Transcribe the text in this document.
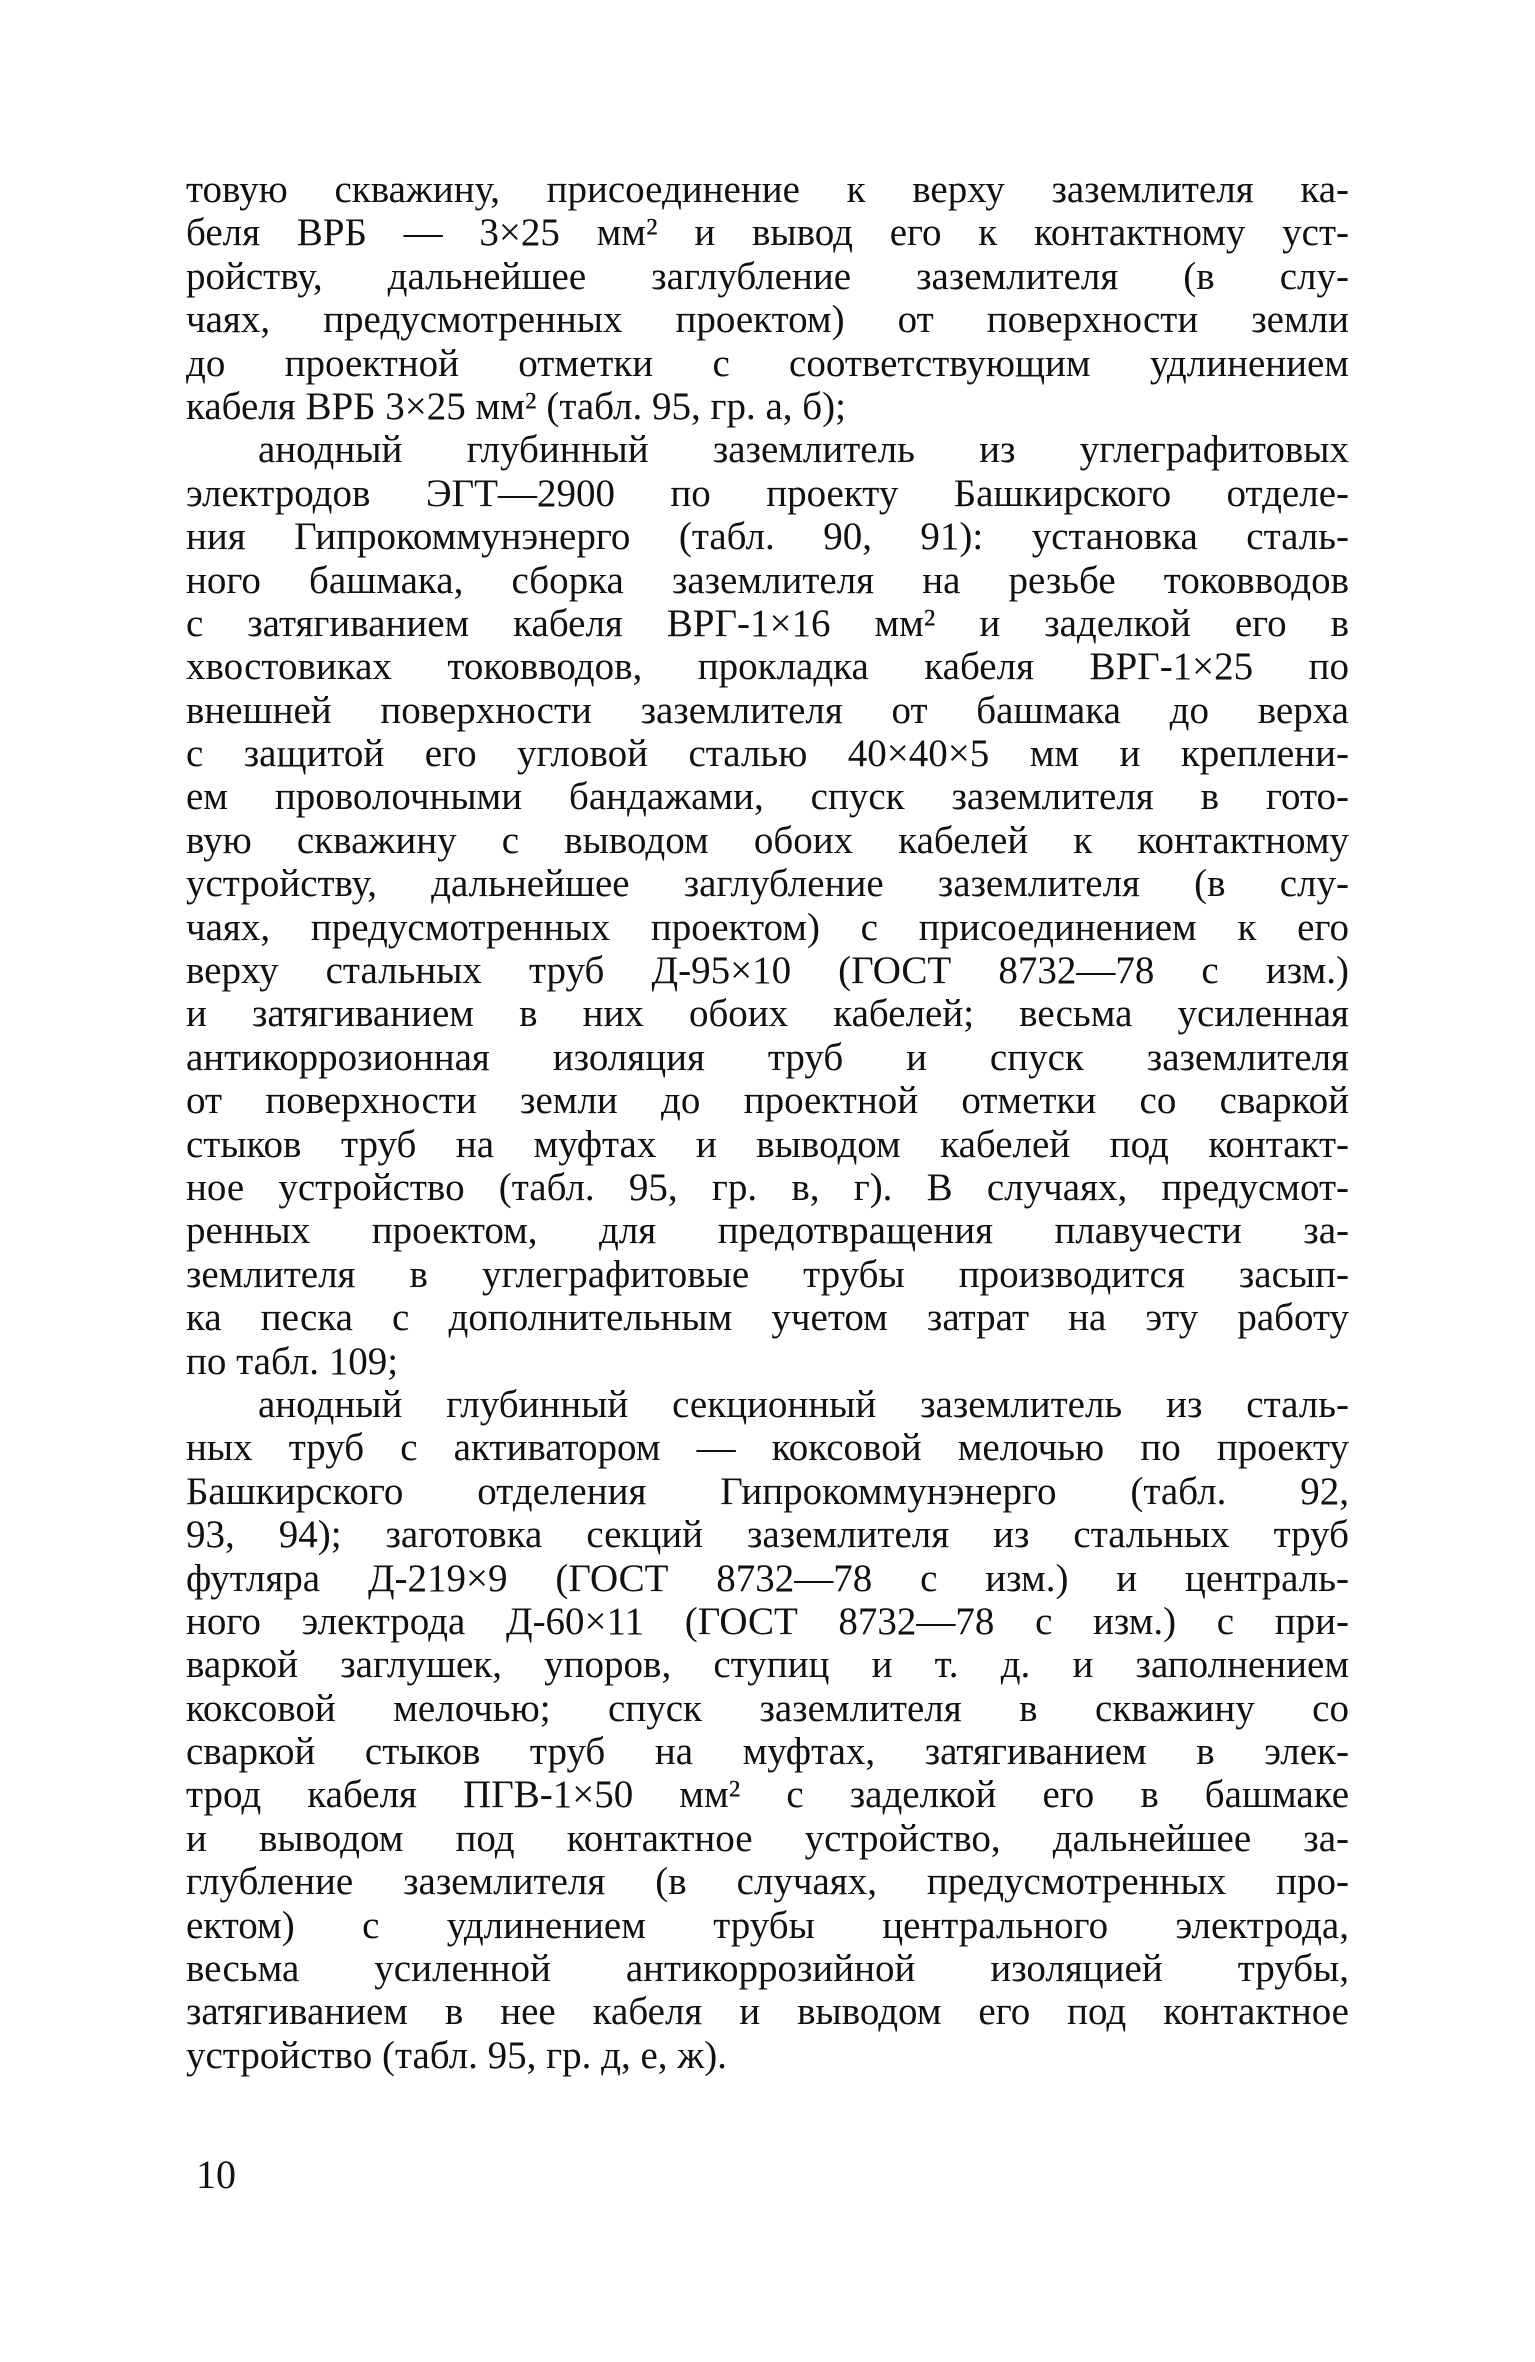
товую скважину, присоединение к верху заземлителя ка-
беля ВРБ — 3×25 мм² и вывод его к контактному уст-
ройству, дальнейшее заглубление заземлителя (в слу-
чаях, предусмотренных проектом) от поверхности земли
до проектной отметки с соответствующим удлинением
кабеля ВРБ 3×25 мм² (табл. 95, гр. а, б);
анодный глубинный заземлитель из углеграфитовых
электродов ЭГТ—2900 по проекту Башкирского отделе-
ния Гипрокоммунэнерго (табл. 90, 91): установка сталь-
ного башмака, сборка заземлителя на резьбе токовводов
с затягиванием кабеля ВРГ-1×16 мм² и заделкой его в
хвостовиках токовводов, прокладка кабеля ВРГ-1×25 по
внешней поверхности заземлителя от башмака до верха
с защитой его угловой сталью 40×40×5 мм и креплени-
ем проволочными бандажами, спуск заземлителя в гото-
вую скважину с выводом обоих кабелей к контактному
устройству, дальнейшее заглубление заземлителя (в слу-
чаях, предусмотренных проектом) с присоединением к его
верху стальных труб Д-95×10 (ГОСТ 8732—78 с изм.)
и затягиванием в них обоих кабелей; весьма усиленная
антикоррозионная изоляция труб и спуск заземлителя
от поверхности земли до проектной отметки со сваркой
стыков труб на муфтах и выводом кабелей под контакт-
ное устройство (табл. 95, гр. в, г). В случаях, предусмот-
ренных проектом, для предотвращения плавучести за-
землителя в углеграфитовые трубы производится засып-
ка песка с дополнительным учетом затрат на эту работу
по табл. 109;
анодный глубинный секционный заземлитель из сталь-
ных труб с активатором — коксовой мелочью по проекту
Башкирского отделения Гипрокоммунэнерго (табл. 92,
93, 94); заготовка секций заземлителя из стальных труб
футляра Д-219×9 (ГОСТ 8732—78 с изм.) и централь-
ного электрода Д-60×11 (ГОСТ 8732—78 с изм.) с при-
варкой заглушек, упоров, ступиц и т. д. и заполнением
коксовой мелочью; спуск заземлителя в скважину со
сваркой стыков труб на муфтах, затягиванием в элек-
трод кабеля ПГВ-1×50 мм² с заделкой его в башмаке
и выводом под контактное устройство, дальнейшее за-
глубление заземлителя (в случаях, предусмотренных про-
ектом) с удлинением трубы центрального электрода,
весьма усиленной антикоррозийной изоляцией трубы,
затягиванием в нее кабеля и выводом его под контактное
устройство (табл. 95, гр. д, е, ж).
10
